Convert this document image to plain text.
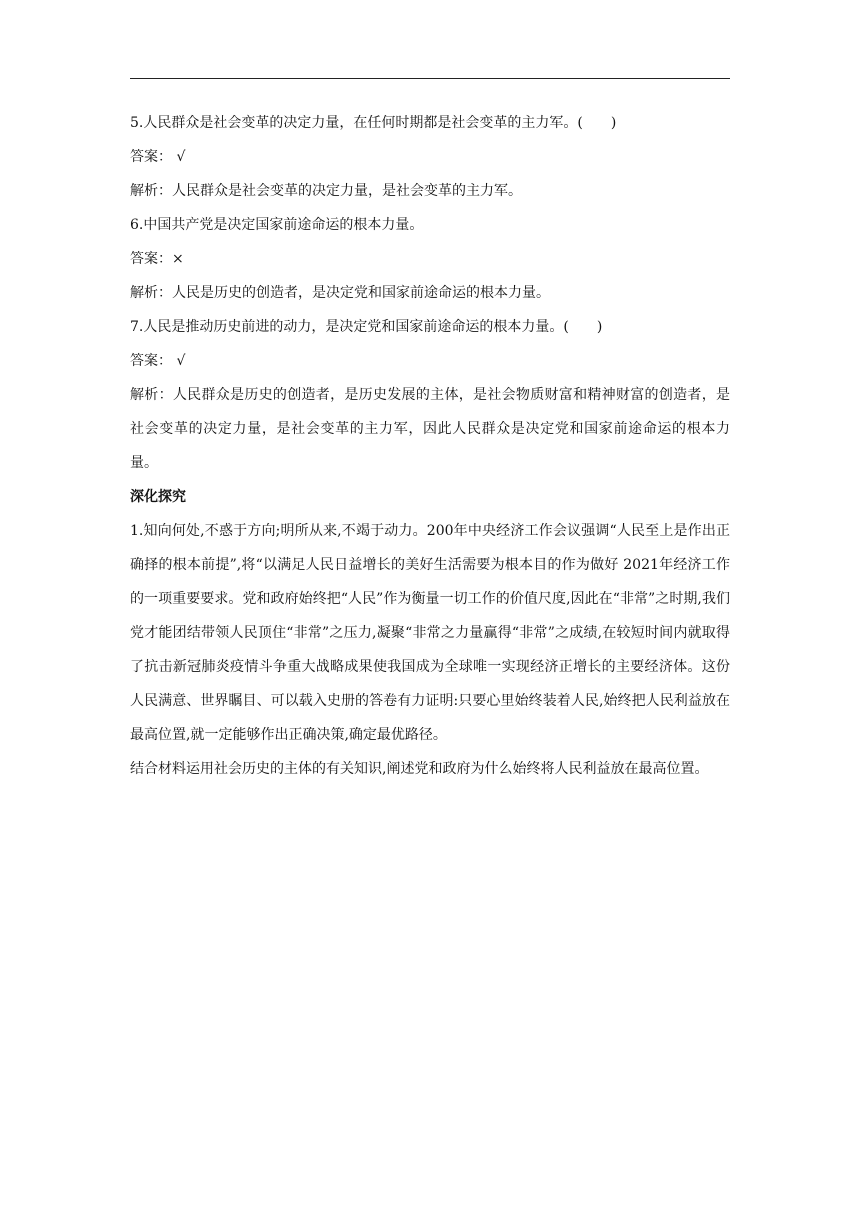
5.人民群众是社会变革的决定力量，在任何时期都是社会变革的主力军。(　　)
答案： √
解析：人民群众是社会变革的决定力量，是社会变革的主力军。
6.中国共产党是决定国家前途命运的根本力量。
答案：×
解析：人民是历史的创造者，是决定党和国家前途命运的根本力量。
7.人民是推动历史前进的动力，是决定党和国家前途命运的根本力量。(　　)
答案： √
解析：人民群众是历史的创造者，是历史发展的主体，是社会物质财富和精神财富的创造者，是社会变革的决定力量，是社会变革的主力军，因此人民群众是决定党和国家前途命运的根本力量。
深化探究
1.知向何处,不惑于方向;明所从来,不竭于动力。200年中央经济工作会议强调“人民至上是作出正确择的根本前提”,将“以满足人民日益增长的美好生活需要为根本目的作为做好 2021年经济工作的一项重要要求。党和政府始终把“人民”作为衡量一切工作的价值尺度,因此在“非常”之时期,我们党才能团结带领人民顶住“非常”之压力,凝聚“非常之力量赢得“非常”之成绩,在较短时间内就取得了抗击新冠肺炎疫情斗争重大战略成果使我国成为全球唯一实现经济正增长的主要经济体。这份人民满意、世界瞩目、可以载入史册的答卷有力证明:只要心里始终装着人民,始终把人民利益放在最高位置,就一定能够作出正确决策,确定最优路径。
结合材料运用社会历史的主体的有关知识,阐述党和政府为什么始终将人民利益放在最高位置。
